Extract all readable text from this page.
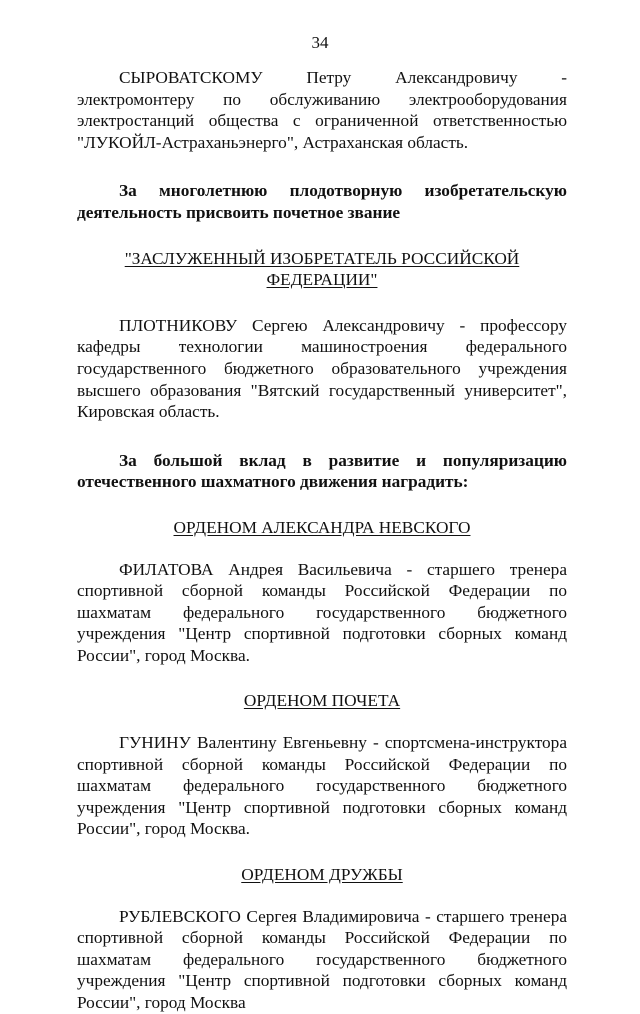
34

СЫРОВАТСКОМУ Петру Александровичу - электромонтеру по обслуживанию электрооборудования электростанций общества с ограниченной ответственностью "ЛУКОЙЛ-Астраханьэнерго", Астраханская область.

За многолетнюю плодотворную изобретательскую деятельность присвоить почетное звание

"ЗАСЛУЖЕННЫЙ ИЗОБРЕТАТЕЛЬ РОССИЙСКОЙ ФЕДЕРАЦИИ"

ПЛОТНИКОВУ Сергею Александровичу - профессору кафедры технологии машиностроения федерального государственного бюджетного образовательного учреждения высшего образования "Вятский государственный университет", Кировская область.

За большой вклад в развитие и популяризацию отечественного шахматного движения наградить:

ОРДЕНОМ АЛЕКСАНДРА НЕВСКОГО

ФИЛАТОВА Андрея Васильевича - старшего тренера спортивной сборной команды Российской Федерации по шахматам федерального государственного бюджетного учреждения "Центр спортивной подготовки сборных команд России", город Москва.

ОРДЕНОМ ПОЧЕТА

ГУНИНУ Валентину Евгеньевну - спортсмена-инструктора спортивной сборной команды Российской Федерации по шахматам федерального государственного бюджетного учреждения "Центр спортивной подготовки сборных команд России", город Москва.

ОРДЕНОМ ДРУЖБЫ

РУБЛЕВСКОГО Сергея Владимировича - старшего тренера спортивной сборной команды Российской Федерации по шахматам федерального государственного бюджетного учреждения "Центр спортивной подготовки сборных команд России", город Москва
